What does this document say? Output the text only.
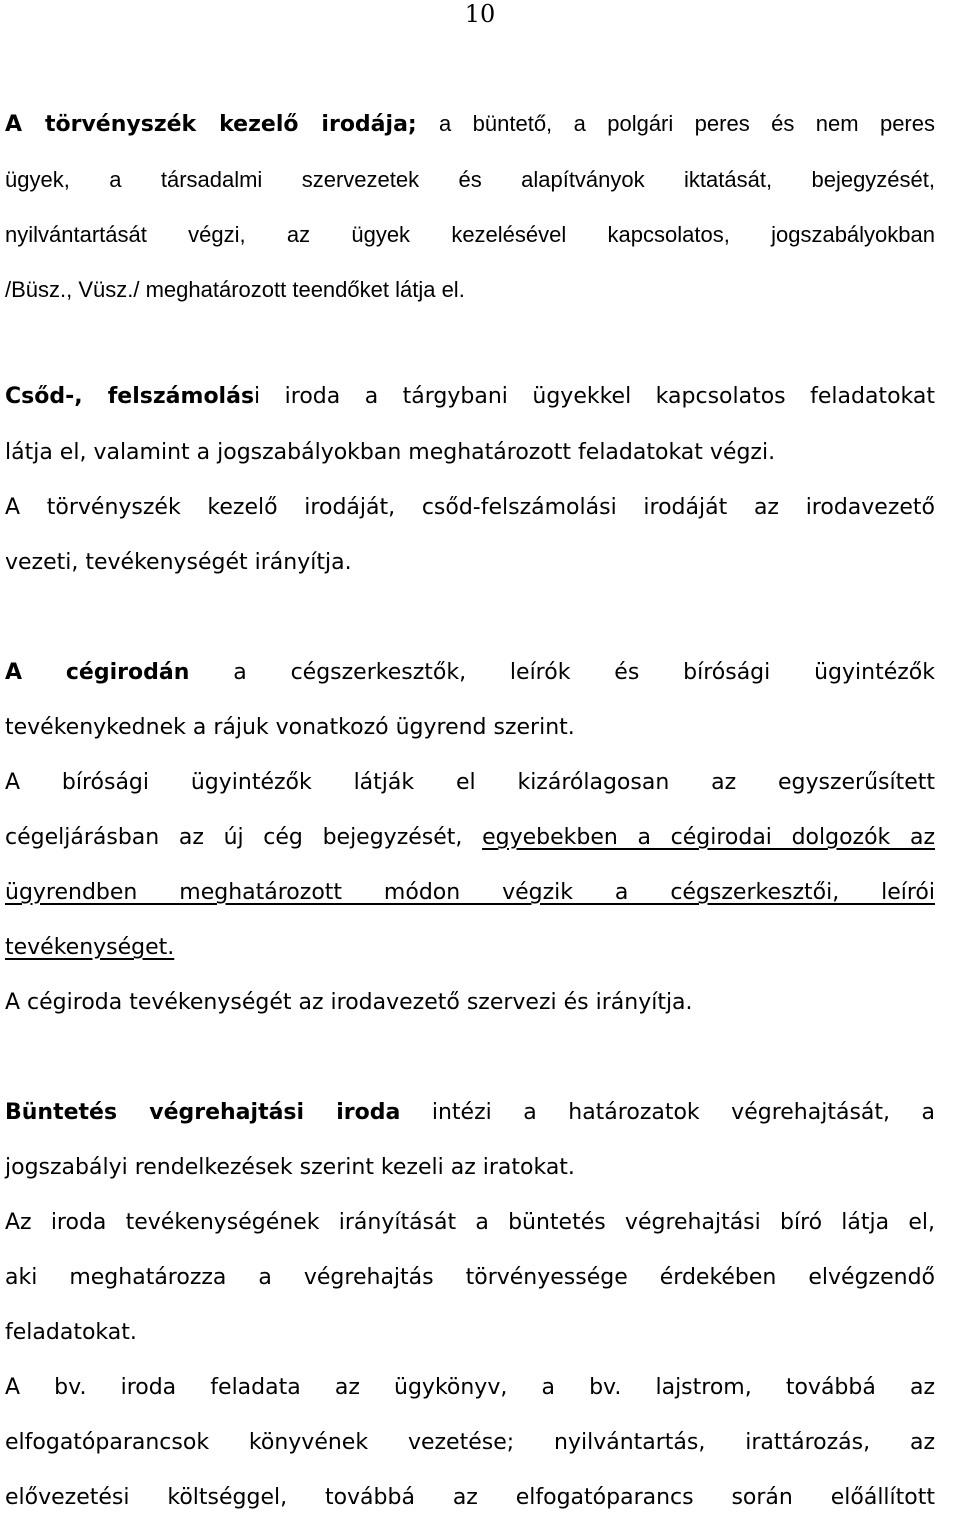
10
A törvényszék kezelő irodája; a büntető, a polgári peres és nem peres
ügyek, a társadalmi szervezetek és alapítványok iktatását, bejegyzését,
nyilvántartását végzi, az ügyek kezelésével kapcsolatos, jogszabályokban
/Büsz., Vüsz./ meghatározott teendőket látja el.
Csőd-, felszámolási iroda a tárgybani ügyekkel kapcsolatos feladatokat
látja el, valamint a jogszabályokban meghatározott feladatokat végzi.
A törvényszék kezelő irodáját, csőd-felszámolási irodáját az irodavezető
vezeti, tevékenységét irányítja.
A cégirodán a cégszerkesztők, leírók és bírósági ügyintézők
tevékenykednek a rájuk vonatkozó ügyrend szerint.
A bírósági ügyintézők látják el kizárólagosan az egyszerűsített
cégeljárásban az új cég bejegyzését, egyebekben a cégirodai dolgozók az
ügyrendben meghatározott módon végzik a cégszerkesztői, leírói
tevékenységet.
A cégiroda tevékenységét az irodavezető szervezi és irányítja.
Büntetés végrehajtási iroda intézi a határozatok végrehajtását, a
jogszabályi rendelkezések szerint kezeli az iratokat.
Az iroda tevékenységének irányítását a büntetés végrehajtási bíró látja el,
aki meghatározza a végrehajtás törvényessége érdekében elvégzendő
feladatokat.
A bv. iroda feladata az ügykönyv, a bv. lajstrom, továbbá az
elfogatóparancsok könyvének vezetése; nyilvántartás, irattározás, az
elővezetési költséggel, továbbá az elfogatóparancs során előállított
